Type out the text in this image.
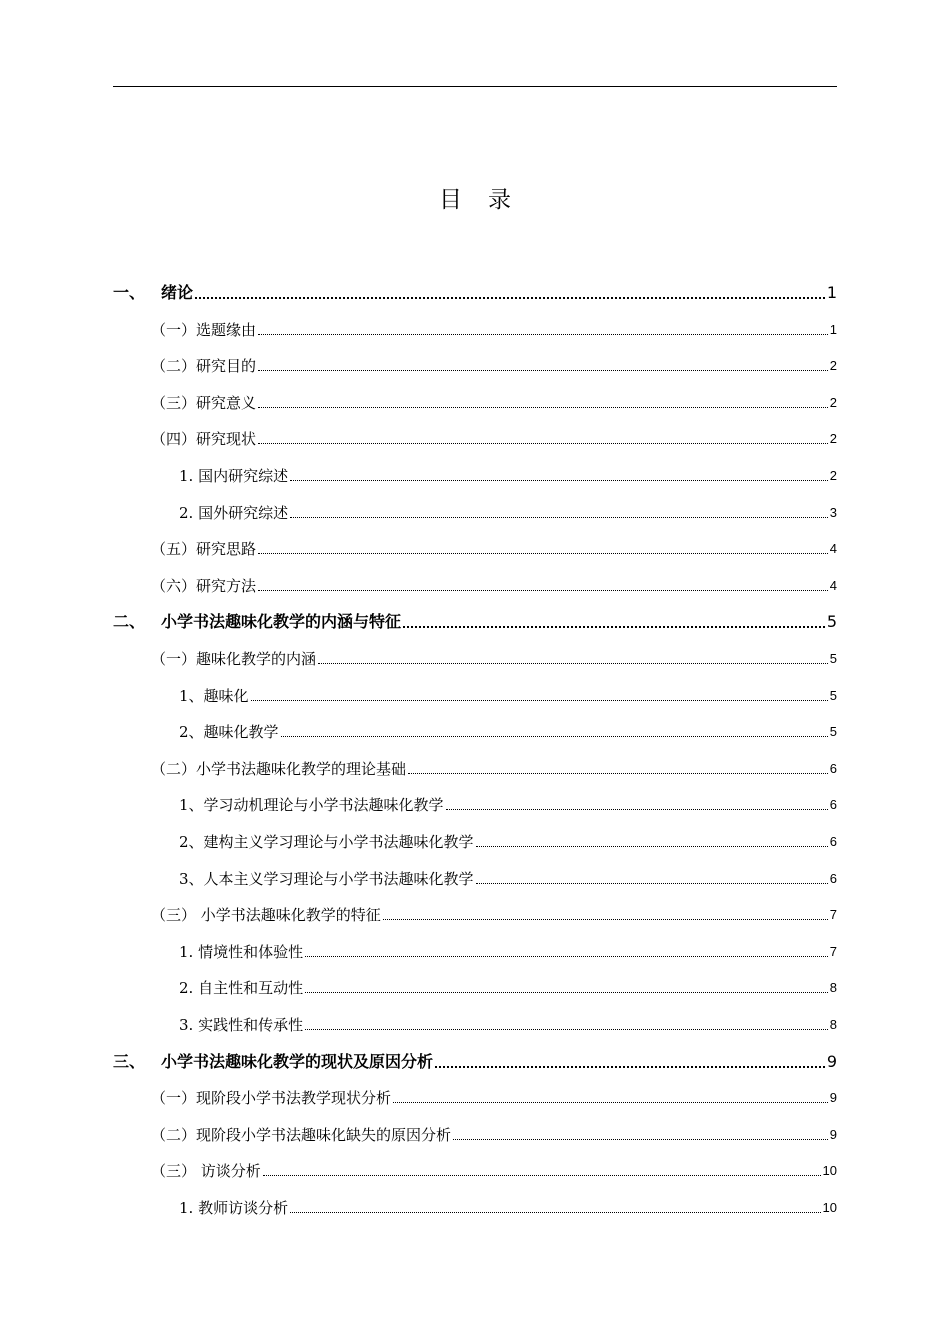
目录
一、 绪论	1
（一）选题缘由	1
（二）研究目的	2
（三）研究意义	2
（四）研究现状	2
1. 国内研究综述	2
2. 国外研究综述	3
（五）研究思路	4
（六）研究方法	4
二、 小学书法趣味化教学的内涵与特征	5
（一）趣味化教学的内涵	5
1、趣味化	5
2、趣味化教学	5
（二）小学书法趣味化教学的理论基础	6
1、学习动机理论与小学书法趣味化教学	6
2、建构主义学习理论与小学书法趣味化教学	6
3、人本主义学习理论与小学书法趣味化教学	6
（三） 小学书法趣味化教学的特征	7
1. 情境性和体验性	7
2. 自主性和互动性	8
3. 实践性和传承性	8
三、 小学书法趣味化教学的现状及原因分析	9
（一）现阶段小学书法教学现状分析	9
（二）现阶段小学书法趣味化缺失的原因分析	9
（三） 访谈分析	10
1. 教师访谈分析	10
